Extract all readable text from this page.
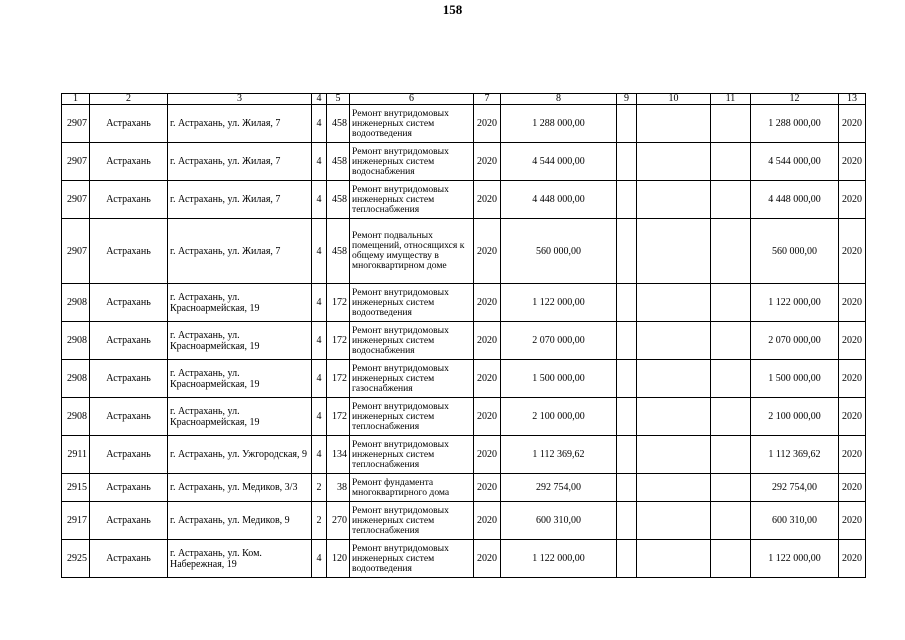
158
1	2	3	4	5	6	7	8	9	10	11	12	13
2907	Астрахань	г. Астрахань, ул. Жилая, 7	4	458	Ремонт внутридомовых инженерных систем водоотведения	2020	1 288 000,00				1 288 000,00	2020
2907	Астрахань	г. Астрахань, ул. Жилая, 7	4	458	Ремонт внутридомовых инженерных систем водоснабжения	2020	4 544 000,00				4 544 000,00	2020
2907	Астрахань	г. Астрахань, ул. Жилая, 7	4	458	Ремонт внутридомовых инженерных систем теплоснабжения	2020	4 448 000,00				4 448 000,00	2020
2907	Астрахань	г. Астрахань, ул. Жилая, 7	4	458	Ремонт подвальных помещений, относящихся к общему имуществу в многоквартирном доме	2020	560 000,00				560 000,00	2020
2908	Астрахань	г. Астрахань, ул. Красноармейская, 19	4	172	Ремонт внутридомовых инженерных систем водоотведения	2020	1 122 000,00				1 122 000,00	2020
2908	Астрахань	г. Астрахань, ул. Красноармейская, 19	4	172	Ремонт внутридомовых инженерных систем водоснабжения	2020	2 070 000,00				2 070 000,00	2020
2908	Астрахань	г. Астрахань, ул. Красноармейская, 19	4	172	Ремонт внутридомовых инженерных систем газоснабжения	2020	1 500 000,00				1 500 000,00	2020
2908	Астрахань	г. Астрахань, ул. Красноармейская, 19	4	172	Ремонт внутридомовых инженерных систем теплоснабжения	2020	2 100 000,00				2 100 000,00	2020
2911	Астрахань	г. Астрахань, ул. Ужгородская, 9	4	134	Ремонт внутридомовых инженерных систем теплоснабжения	2020	1 112 369,62				1 112 369,62	2020
2915	Астрахань	г. Астрахань, ул. Медиков, 3/3	2	38	Ремонт фундамента многоквартирного дома	2020	292 754,00				292 754,00	2020
2917	Астрахань	г. Астрахань, ул. Медиков, 9	2	270	Ремонт внутридомовых инженерных систем теплоснабжения	2020	600 310,00				600 310,00	2020
2925	Астрахань	г. Астрахань, ул. Ком. Набережная, 19	4	120	Ремонт внутридомовых инженерных систем водоотведения	2020	1 122 000,00				1 122 000,00	2020
